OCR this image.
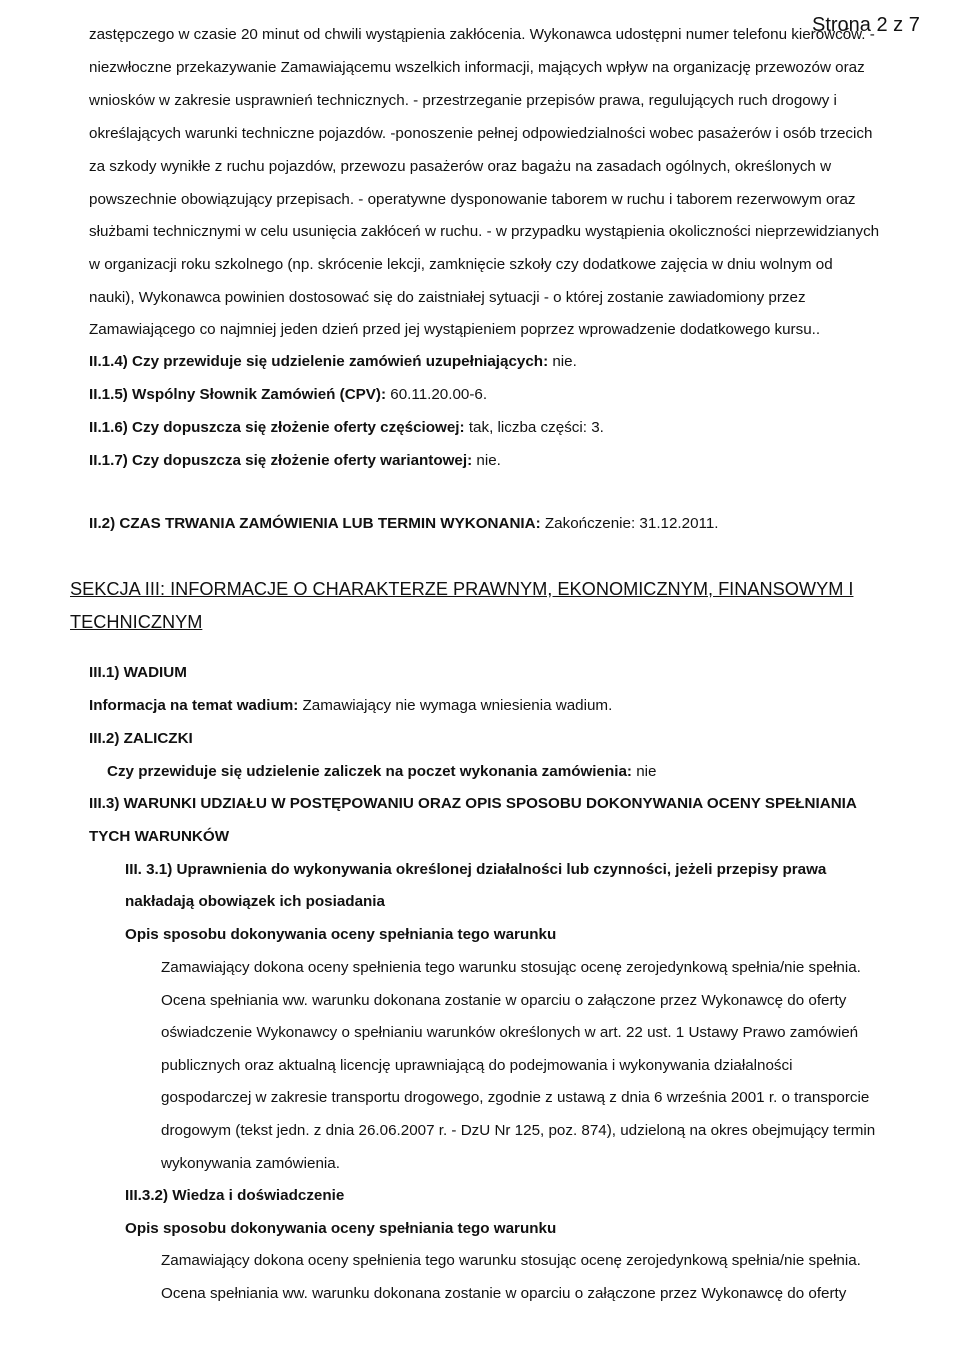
Strona 2 z 7
zastępczego w czasie 20 minut od chwili wystąpienia zakłócenia. Wykonawca udostępni numer telefonu kierowców. -
niezwłoczne przekazywanie Zamawiającemu wszelkich informacji, mających wpływ na organizację przewozów oraz
wniosków w zakresie usprawnień technicznych. - przestrzeganie przepisów prawa, regulujących ruch drogowy i
określających warunki techniczne pojazdów. -ponoszenie pełnej odpowiedzialności wobec pasażerów i osób trzecich
za szkody wynikłe z ruchu pojazdów, przewozu pasażerów oraz bagażu na zasadach ogólnych, określonych w
powszechnie obowiązujący przepisach. - operatywne dysponowanie taborem w ruchu i taborem rezerwowym oraz
służbami technicznymi w celu usunięcia zakłóceń w ruchu. - w przypadku wystąpienia okoliczności nieprzewidzianych
w organizacji roku szkolnego (np. skrócenie lekcji, zamknięcie szkoły czy dodatkowe zajęcia w dniu wolnym od
nauki), Wykonawca powinien dostosować się do zaistniałej sytuacji - o której zostanie zawiadomiony przez
Zamawiającego co najmniej jeden dzień przed jej wystąpieniem poprzez wprowadzenie dodatkowego kursu..
II.1.4) Czy przewiduje się udzielenie zamówień uzupełniających: nie.
II.1.5) Wspólny Słownik Zamówień (CPV): 60.11.20.00-6.
II.1.6) Czy dopuszcza się złożenie oferty częściowej: tak, liczba części: 3.
II.1.7) Czy dopuszcza się złożenie oferty wariantowej: nie.
II.2) CZAS TRWANIA ZAMÓWIENIA LUB TERMIN WYKONANIA: Zakończenie: 31.12.2011.
SEKCJA III: INFORMACJE O CHARAKTERZE PRAWNYM, EKONOMICZNYM, FINANSOWYM I
TECHNICZNYM
III.1) WADIUM
Informacja na temat wadium: Zamawiający nie wymaga wniesienia wadium.
III.2) ZALICZKI
Czy przewiduje się udzielenie zaliczek na poczet wykonania zamówienia: nie
III.3) WARUNKI UDZIAŁU W POSTĘPOWANIU ORAZ OPIS SPOSOBU DOKONYWANIA OCENY SPEŁNIANIA
TYCH WARUNKÓW
III. 3.1) Uprawnienia do wykonywania określonej działalności lub czynności, jeżeli przepisy prawa
nakładają obowiązek ich posiadania
Opis sposobu dokonywania oceny spełniania tego warunku
Zamawiający dokona oceny spełnienia tego warunku stosując ocenę zerojedynkową spełnia/nie spełnia.
Ocena spełniania ww. warunku dokonana zostanie w oparciu o załączone przez Wykonawcę do oferty
oświadczenie Wykonawcy o spełnianiu warunków określonych w art. 22 ust. 1 Ustawy Prawo zamówień
publicznych oraz aktualną licencję uprawniającą do podejmowania i wykonywania działalności
gospodarczej w zakresie transportu drogowego, zgodnie z ustawą z dnia 6 września 2001 r. o transporcie
drogowym (tekst jedn. z dnia 26.06.2007 r. - DzU Nr 125, poz. 874), udzieloną na okres obejmujący termin
wykonywania zamówienia.
III.3.2) Wiedza i doświadczenie
Opis sposobu dokonywania oceny spełniania tego warunku
Zamawiający dokona oceny spełnienia tego warunku stosując ocenę zerojedynkową spełnia/nie spełnia.
Ocena spełniania ww. warunku dokonana zostanie w oparciu o załączone przez Wykonawcę do oferty
